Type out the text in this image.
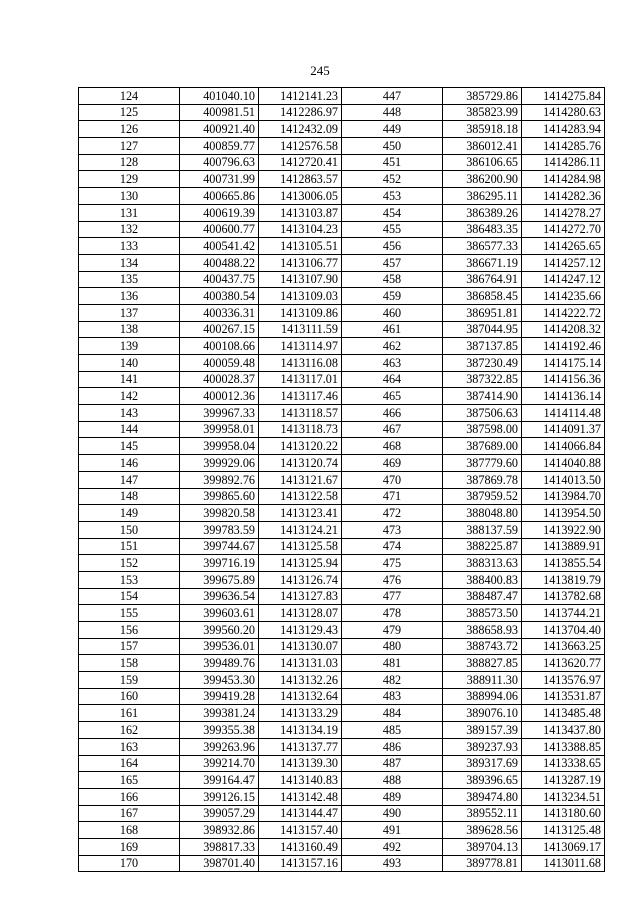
245
124	401040.10	1412141.23	447	385729.86	1414275.84
125	400981.51	1412286.97	448	385823.99	1414280.63
126	400921.40	1412432.09	449	385918.18	1414283.94
127	400859.77	1412576.58	450	386012.41	1414285.76
128	400796.63	1412720.41	451	386106.65	1414286.11
129	400731.99	1412863.57	452	386200.90	1414284.98
130	400665.86	1413006.05	453	386295.11	1414282.36
131	400619.39	1413103.87	454	386389.26	1414278.27
132	400600.77	1413104.23	455	386483.35	1414272.70
133	400541.42	1413105.51	456	386577.33	1414265.65
134	400488.22	1413106.77	457	386671.19	1414257.12
135	400437.75	1413107.90	458	386764.91	1414247.12
136	400380.54	1413109.03	459	386858.45	1414235.66
137	400336.31	1413109.86	460	386951.81	1414222.72
138	400267.15	1413111.59	461	387044.95	1414208.32
139	400108.66	1413114.97	462	387137.85	1414192.46
140	400059.48	1413116.08	463	387230.49	1414175.14
141	400028.37	1413117.01	464	387322.85	1414156.36
142	400012.36	1413117.46	465	387414.90	1414136.14
143	399967.33	1413118.57	466	387506.63	1414114.48
144	399958.01	1413118.73	467	387598.00	1414091.37
145	399958.04	1413120.22	468	387689.00	1414066.84
146	399929.06	1413120.74	469	387779.60	1414040.88
147	399892.76	1413121.67	470	387869.78	1414013.50
148	399865.60	1413122.58	471	387959.52	1413984.70
149	399820.58	1413123.41	472	388048.80	1413954.50
150	399783.59	1413124.21	473	388137.59	1413922.90
151	399744.67	1413125.58	474	388225.87	1413889.91
152	399716.19	1413125.94	475	388313.63	1413855.54
153	399675.89	1413126.74	476	388400.83	1413819.79
154	399636.54	1413127.83	477	388487.47	1413782.68
155	399603.61	1413128.07	478	388573.50	1413744.21
156	399560.20	1413129.43	479	388658.93	1413704.40
157	399536.01	1413130.07	480	388743.72	1413663.25
158	399489.76	1413131.03	481	388827.85	1413620.77
159	399453.30	1413132.26	482	388911.30	1413576.97
160	399419.28	1413132.64	483	388994.06	1413531.87
161	399381.24	1413133.29	484	389076.10	1413485.48
162	399355.38	1413134.19	485	389157.39	1413437.80
163	399263.96	1413137.77	486	389237.93	1413388.85
164	399214.70	1413139.30	487	389317.69	1413338.65
165	399164.47	1413140.83	488	389396.65	1413287.19
166	399126.15	1413142.48	489	389474.80	1413234.51
167	399057.29	1413144.47	490	389552.11	1413180.60
168	398932.86	1413157.40	491	389628.56	1413125.48
169	398817.33	1413160.49	492	389704.13	1413069.17
170	398701.40	1413157.16	493	389778.81	1413011.68
